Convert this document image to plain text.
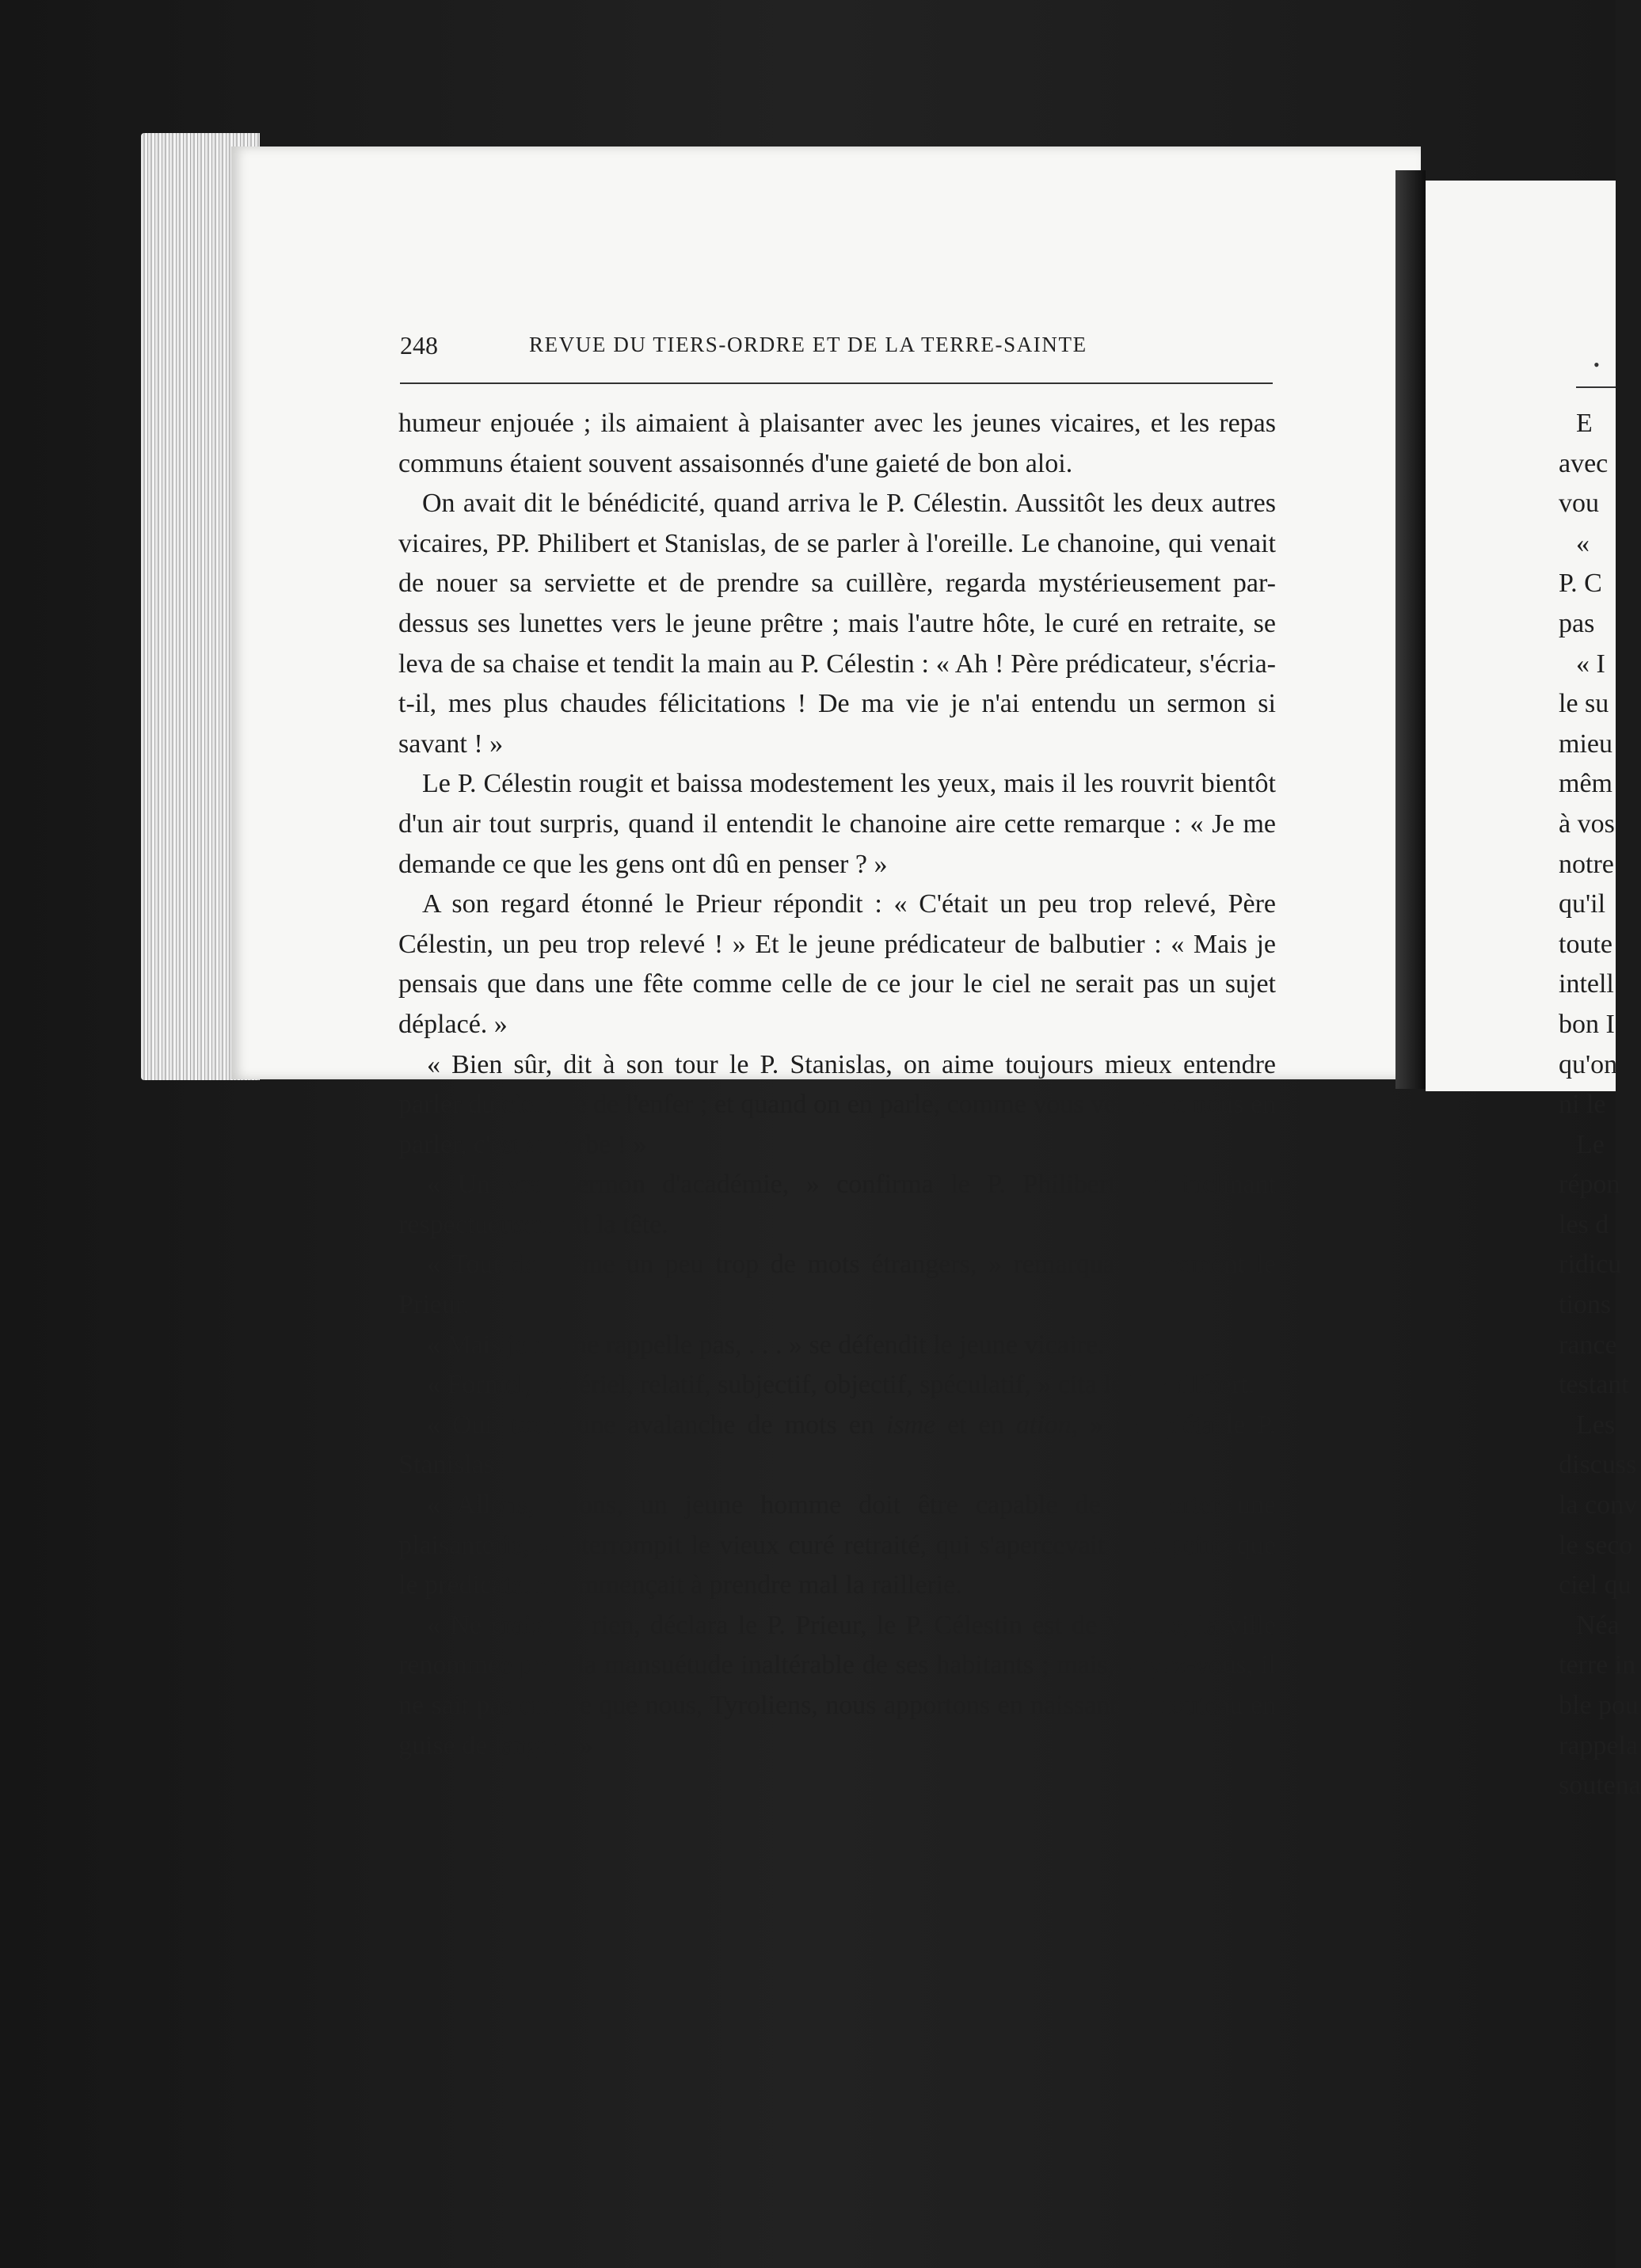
248	REVUE DU TIERS-ORDRE ET DE LA TERRE-SAINTE

humeur enjouée ; ils aimaient à plaisanter avec les jeunes vicaires, et les repas communs étaient souvent assaisonnés d'une gaieté de bon aloi.

On avait dit le bénédicité, quand arriva le P. Célestin. Aussitôt les deux autres vicaires, PP. Philibert et Stanislas, de se parler à l'oreille. Le chanoine, qui venait de nouer sa serviette et de prendre sa cuillère, regarda mystérieusement par-dessus ses lunettes vers le jeune prêtre ; mais l'autre hôte, le curé en retraite, se leva de sa chaise et tendit la main au P. Célestin : « Ah ! Père prédicateur, s'écria-t-il, mes plus chaudes félicitations ! De ma vie je n'ai entendu un sermon si savant ! »

Le P. Célestin rougit et baissa modestement les yeux, mais il les rouvrit bientôt d'un air tout surpris, quand il entendit le chanoine aire cette remarque : « Je me demande ce que les gens ont dû en penser ? »

A son regard étonné le Prieur répondit : « C'était un peu trop relevé, Père Célestin, un peu trop relevé ! » Et le jeune prédicateur de balbutier : « Mais je pensais que dans une fête comme celle de ce jour le ciel ne serait pas un sujet déplacé. »

« Bien sûr, dit à son tour le P. Stanislas, on aime toujours mieux entendre parler du ciel que de l'enfer ; et quand on en parle, comme vous venez de nous en parler, c'est superbe ! »

« Un vrai sermon d'académie, » confirma le P. Philibert, en inclinant respectueusement la tête.

« Tout de même un peu trop de mots étrangers, » remarqua doucement le Prieur.

« Mais je ne me rappelle pas, . . . » se défendit le jeune vicaire.

« Formel, matériel, relatif, subjectif, objectif, spéculatif, » cita le P. Philibert.

« Oui, toute une avalanche de mots en isme et en ation, » compléta le P. Stanislas

« Allons, allons, un jeune homme doit être capable de supporter une plaisanterie, » interrompit le vieux curé retraité, qui s'apercevait sans peine que le prédicateur commençait à prendre mal la raillerie.

« Ne craignez rien, déclara le P. Prieur, le P. Célestin est de Vienne, la ville renommée pour la mansuétude inaltérable de ses habitants ; mais, voyez-vous, il ne sait pas encore que nous, Tyroliens, nous apportons en naissant un couteau en guise de langue. »

•
E
avec
vou
«
P. C
pas
« I
le su
mieu
mêm
à vos
notre
qu'il
toute
intell
bon I
qu'on
ni le
Le
répon
les d
ridicu
tions
rance
testant
Les
discuss
la conv
le seco
ciel qu
Néa
terre in
ble pou
rappela
soutena
